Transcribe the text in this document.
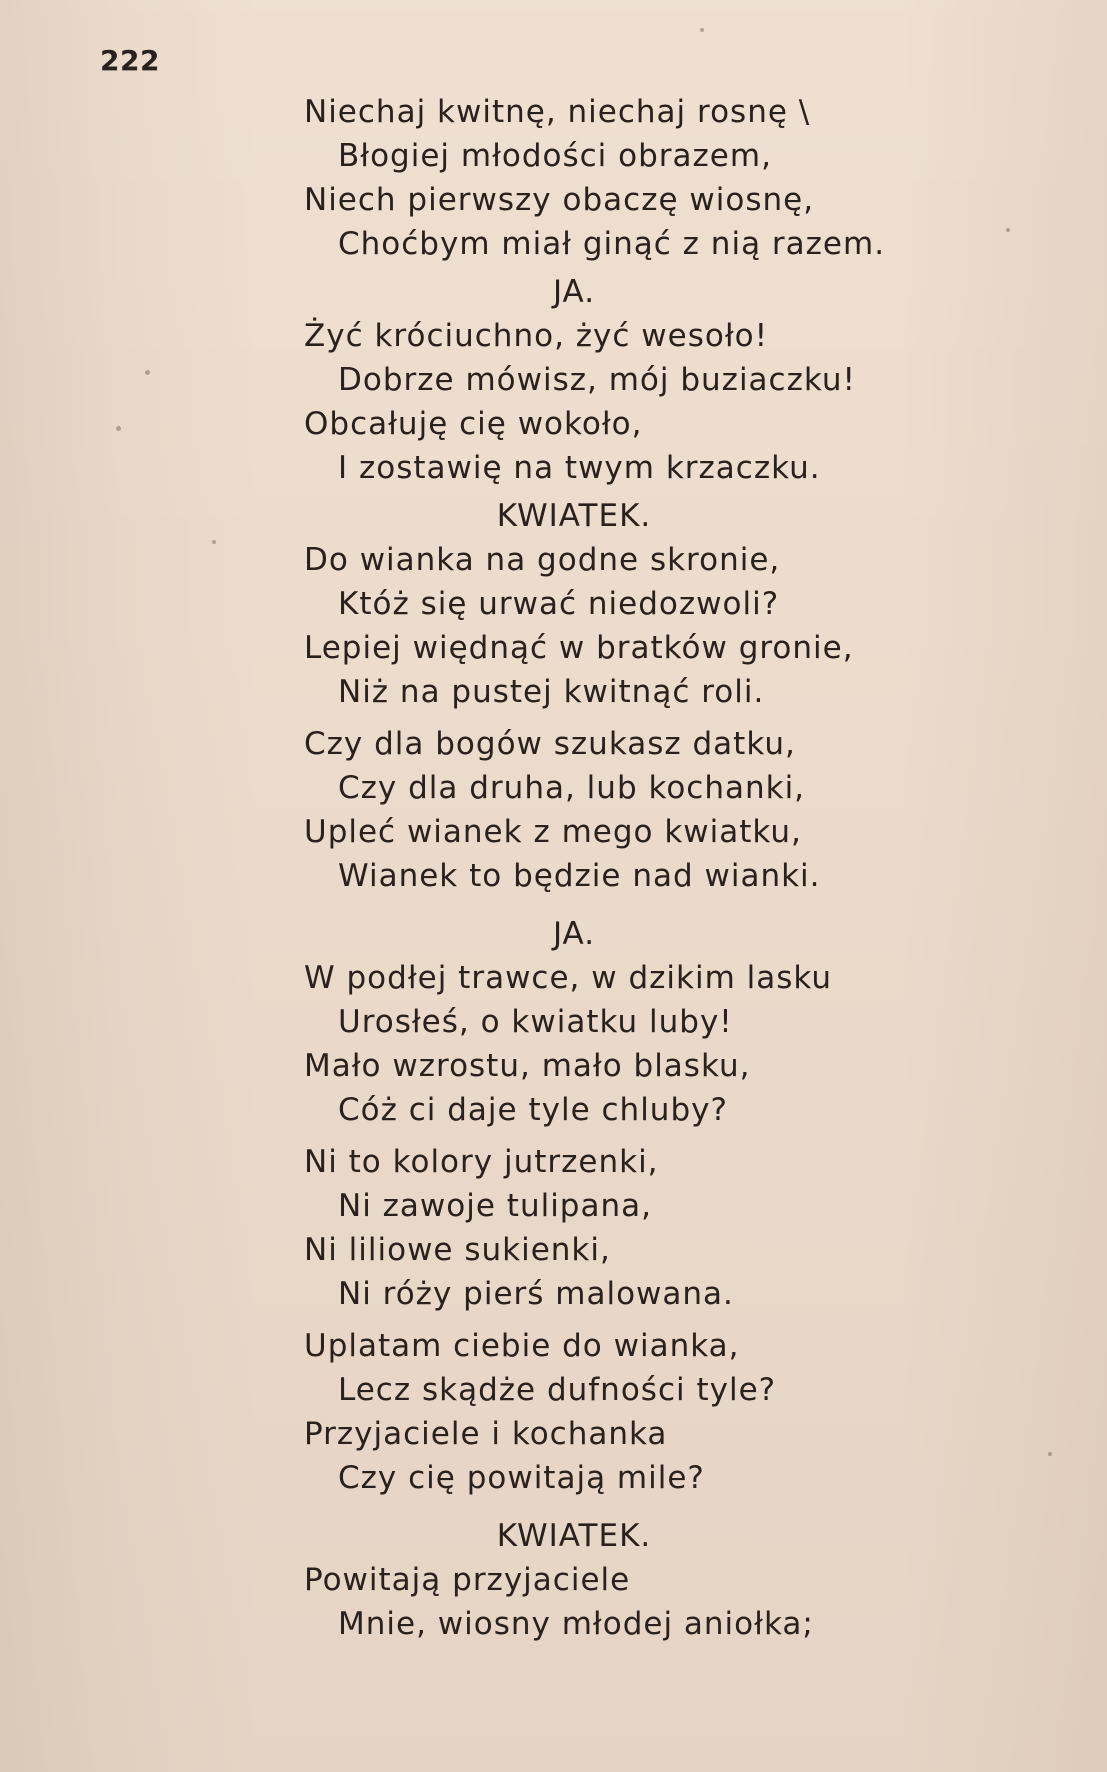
222
Niechaj kwitnę, niechaj rosnę \
Błogiej młodości obrazem,
Niech pierwszy obaczę wiosnę,
Choćbym miał ginąć z nią razem.
JA.
Żyć króciuchno, żyć wesoło!
Dobrze mówisz, mój buziaczku!
Obcałuję cię wokoło,
I zostawię na twym krzaczku.
KWIATEK.
Do wianka na godne skronie,
Któż się urwać niedozwoli?
Lepiej więdnąć w bratków gronie,
Niż na pustej kwitnąć roli.
Czy dla bogów szukasz datku,
Czy dla druha, lub kochanki,
Upleć wianek z mego kwiatku,
Wianek to będzie nad wianki.
JA.
W podłej trawce, w dzikim lasku
Urosłeś, o kwiatku luby!
Mało wzrostu, mało blasku,
Cóż ci daje tyle chluby?
Ni to kolory jutrzenki,
Ni zawoje tulipana,
Ni liliowe sukienki,
Ni róży pierś malowana.
Uplatam ciebie do wianka,
Lecz skądże dufności tyle?
Przyjaciele i kochanka
Czy cię powitają mile?
KWIATEK.
Powitają przyjaciele
Mnie, wiosny młodej aniołka;
